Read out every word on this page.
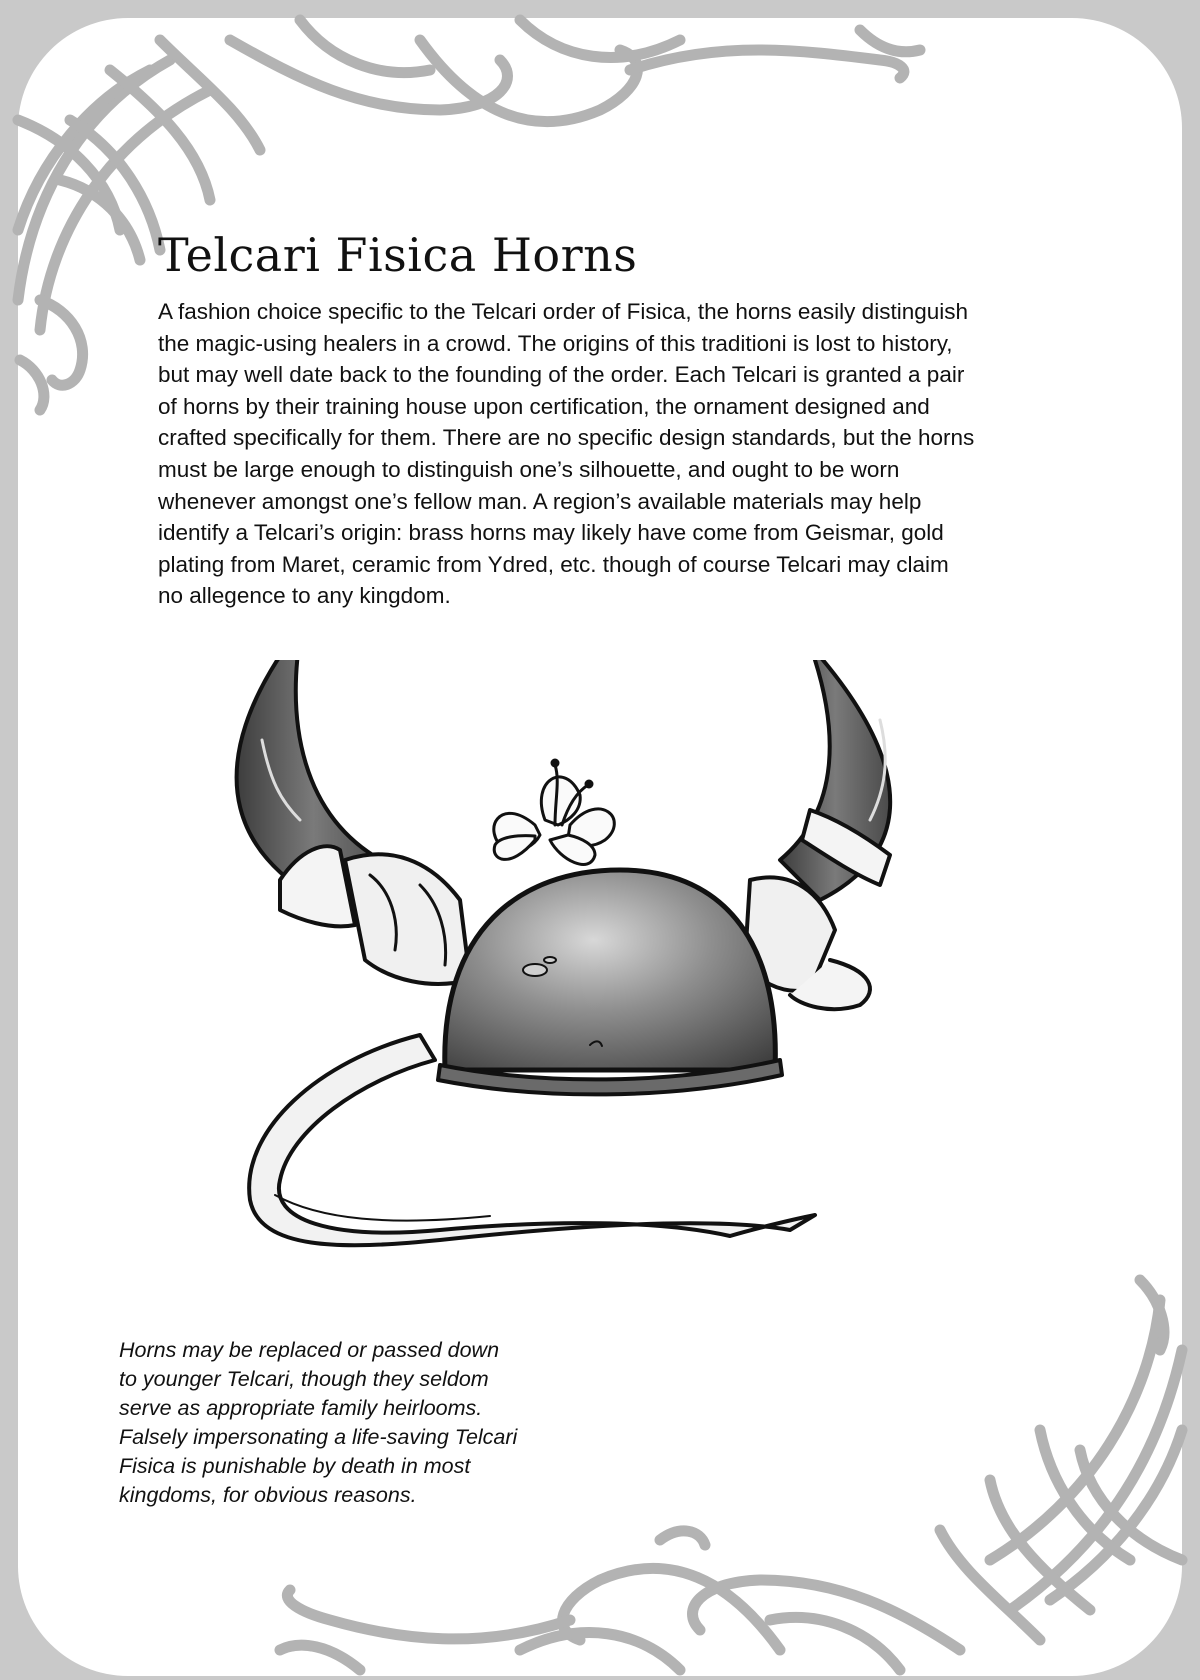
Telcari Fisica Horns

A fashion choice specific to the Telcari order of Fisica, the horns easily distinguish
the magic-using healers in a crowd. The origins of this traditioni is lost to history,
but may well date back to the founding of the order. Each Telcari is granted a pair
of horns by their training house upon certification, the ornament designed and
crafted specifically for them. There are no specific design standards, but the horns
must be large enough to distinguish one’s silhouette, and ought to be worn
whenever amongst one’s fellow man. A region’s available materials may help
identify a Telcari’s origin: brass horns may likely have come from Geismar, gold
plating from Maret, ceramic from Ydred, etc. though of course Telcari may claim
no allegence to any kingdom.

Horns may be replaced or passed down
to younger Telcari, though they seldom
serve as appropriate family heirlooms.
Falsely impersonating a life-saving Telcari
Fisica is punishable by death in most
kingdoms, for obvious reasons.
